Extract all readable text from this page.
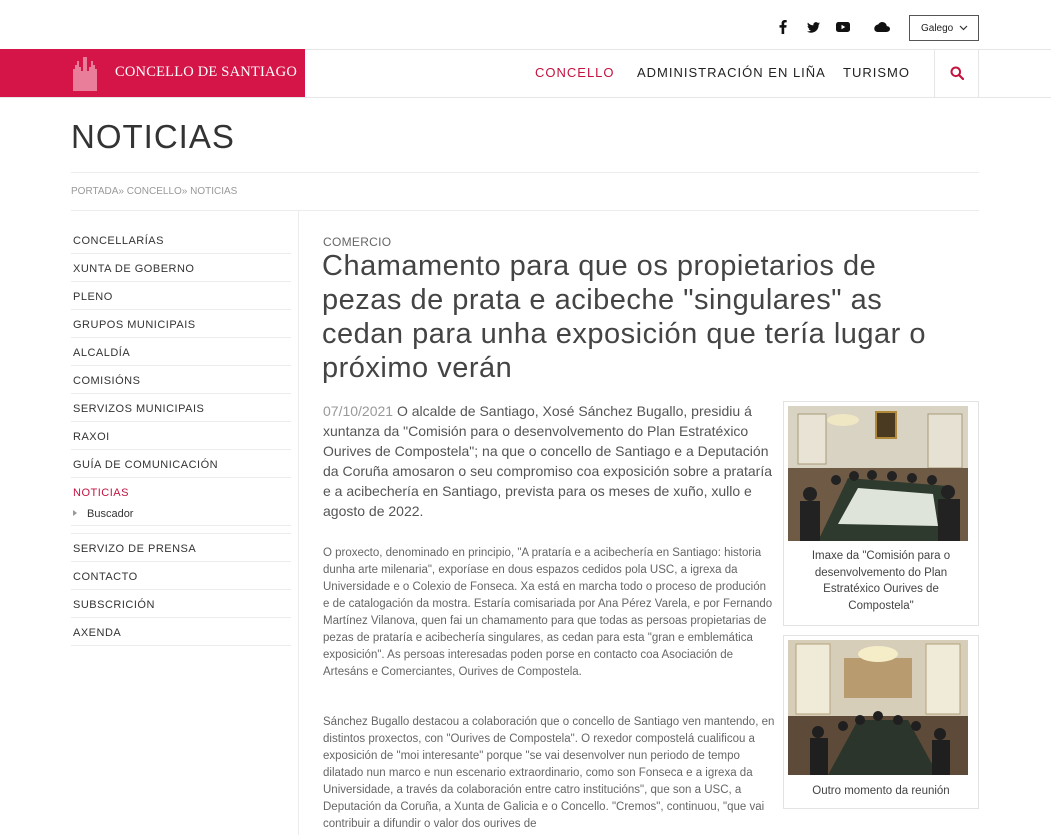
Galego
CONCELLO DE SANTIAGO	CONCELLO ADMINISTRACIÓN EN LIÑA TURISMO
NOTICIAS
PORTADA» CONCELLO» NOTICIAS
CONCELLARÍAS
XUNTA DE GOBERNO
PLENO
GRUPOS MUNICIPAIS
ALCALDÍA
COMISIÓNS
SERVIZOS MUNICIPAIS
RAXOI
GUÍA DE COMUNICACIÓN
NOTICIAS
Buscador
SERVIZO DE PRENSA
CONTACTO
SUBSCRICIÓN
AXENDA
COMERCIO
Chamamento para que os propietarios de pezas de prata e acibeche "singulares" as cedan para unha exposición que tería lugar o próximo verán
07/10/2021 O alcalde de Santiago, Xosé Sánchez Bugallo, presidiu á xuntanza da "Comisión para o desenvolvemento do Plan Estratéxico Ourives de Compostela"; na que o concello de Santiago e a Deputación da Coruña amosaron o seu compromiso coa exposición sobre a prataría e a acibechería en Santiago, prevista para os meses de xuño, xullo e agosto de 2022.
O proxecto, denominado en principio, "A prataría e a acibechería en Santiago: historia dunha arte milenaria", exporíase en dous espazos cedidos pola USC, a igrexa da Universidade e o Colexio de Fonseca. Xa está en marcha todo o proceso de produción e de catalogación da mostra. Estaría comisariada por Ana Pérez Varela, e por Fernando Martínez Vilanova, quen fai un chamamento para que todas as persoas propietarias de pezas de prataría e acibechería singulares, as cedan para esta "gran e emblemática exposición". As persoas interesadas poden porse en contacto coa Asociación de Artesáns e Comerciantes, Ourives de Compostela.
Sánchez Bugallo destacou a colaboración que o concello de Santiago ven mantendo, en distintos proxectos, con "Ourives de Compostela". O rexedor compostelá cualificou a exposición de "moi interesante" porque "se vai desenvolver nun periodo de tempo dilatado nun marco e nun escenario extraordinario, como son Fonseca e a igrexa da Universidade, a través da colaboración entre catro institucións", que son a USC, a Deputación da Coruña, a Xunta de Galicia e o Concello. "Cremos", continuou, "que vai contribuir a difundir o valor dos ourives de
Imaxe da "Comisión para o desenvolvemento do Plan Estratéxico Ourives de Compostela"
Outro momento da reunión
